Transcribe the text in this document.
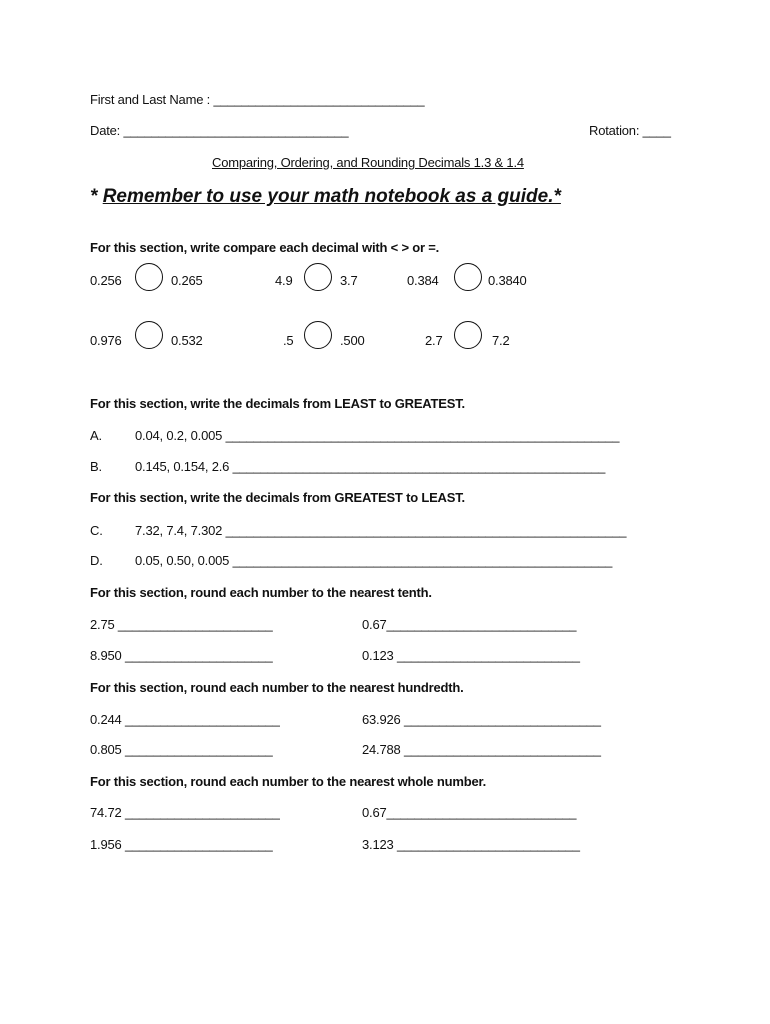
First and Last Name : ______________________________
Date: ________________________________	Rotation: ____
Comparing, Ordering, and Rounding Decimals 1.3 & 1.4
* Remember to use your math notebook as a guide.*
For this section, write compare each decimal with < > or =.
0.256	0.265	4.9	3.7	0.384	0.3840
0.976	0.532	.5	.500	2.7	7.2
For this section, write the decimals from LEAST to GREATEST.
A.	0.04, 0.2, 0.005 ________________________________________________________
B.	0.145, 0.154, 2.6 _____________________________________________________
For this section, write the decimals from GREATEST to LEAST.
C. 7.32, 7.4, 7.302 _________________________________________________________
D. 0.05, 0.50, 0.005 ______________________________________________________
For this section, round each number to the nearest tenth.
2.75 ______________________	0.67___________________________
8.950 _____________________	0.123 __________________________
For this section, round each number to the nearest hundredth.
0.244 ______________________	63.926 ____________________________
0.805 _____________________	24.788 ____________________________
For this section, round each number to the nearest whole number.
74.72 ______________________	0.67___________________________
1.956 _____________________	3.123 __________________________
